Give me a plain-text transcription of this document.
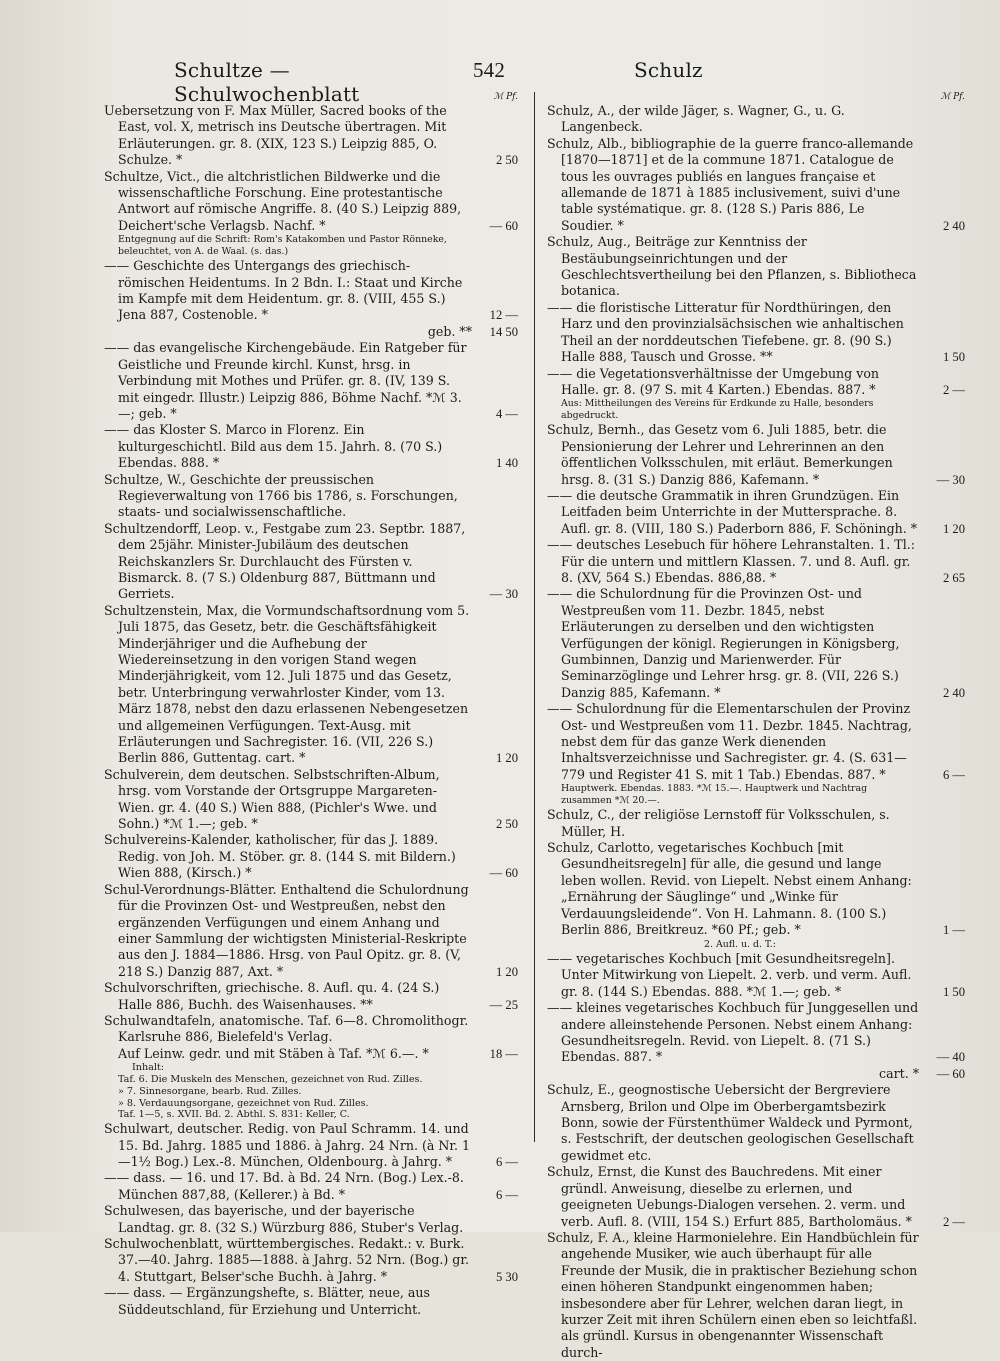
Schultze — Schulwochenblatt
542	Schulz
ℳ Pf.
Uebersetzung von F. Max Müller, Sacred books of the East, vol. X, metrisch ins Deutsche übertragen. Mit Erläuterungen. gr. 8. (XIX, 123 S.) Leipzig 885, O. Schulze. *	2 50
Schultze, Vict., die altchristlichen Bildwerke und die wissenschaftliche Forschung. Eine protestantische Antwort auf römische Angriffe. 8. (40 S.) Leipzig 889, Deichert'sche Verlagsb. Nachf. *	— 60
Entgegnung auf die Schrift: Rom's Katakomben und Pastor Rönneke, beleuchtet, von A. de Waal. (s. das.)
—— Geschichte des Untergangs des griechisch-römischen Heidentums. In 2 Bdn. I.: Staat und Kirche im Kampfe mit dem Heidentum. gr. 8. (VIII, 455 S.) Jena 887, Costenoble. *	12 —
geb. **	14 50
—— das evangelische Kirchengebäude. Ein Ratgeber für Geistliche und Freunde kirchl. Kunst, hrsg. in Verbindung mit Mothes und Prüfer. gr. 8. (IV, 139 S. mit eingedr. Illustr.) Leipzig 886, Böhme Nachf. *ℳ 3.—; geb. *	4 —
—— das Kloster S. Marco in Florenz. Ein kulturgeschichtl. Bild aus dem 15. Jahrh. 8. (70 S.) Ebendas. 888. *	1 40
Schultze, W., Geschichte der preussischen Regieverwaltung von 1766 bis 1786, s. Forschungen, staats- und socialwissenschaftliche.
Schultzendorff, Leop. v., Festgabe zum 23. Septbr. 1887, dem 25jähr. Minister-Jubiläum des deutschen Reichskanzlers Sr. Durchlaucht des Fürsten v. Bismarck. 8. (7 S.) Oldenburg 887, Büttmann und Gerriets.	— 30
Schultzenstein, Max, die Vormundschaftsordnung vom 5. Juli 1875, das Gesetz, betr. die Geschäftsfähigkeit Minderjähriger und die Aufhebung der Wiedereinsetzung in den vorigen Stand wegen Minderjährigkeit, vom 12. Juli 1875 und das Gesetz, betr. Unterbringung verwahrloster Kinder, vom 13. März 1878, nebst den dazu erlassenen Nebengesetzen und allgemeinen Verfügungen. Text-Ausg. mit Erläuterungen und Sachregister. 16. (VII, 226 S.) Berlin 886, Guttentag. cart. *	1 20
Schulverein, dem deutschen. Selbstschriften-Album, hrsg. vom Vorstande der Ortsgruppe Margareten-Wien. gr. 4. (40 S.) Wien 888, (Pichler's Wwe. und Sohn.) *ℳ 1.—; geb. *	2 50
Schulvereins-Kalender, katholischer, für das J. 1889. Redig. von Joh. M. Stöber. gr. 8. (144 S. mit Bildern.) Wien 888, (Kirsch.) *	— 60
Schul-Verordnungs-Blätter. Enthaltend die Schulordnung für die Provinzen Ost- und Westpreußen, nebst den ergänzenden Verfügungen und einem Anhang und einer Sammlung der wichtigsten Ministerial-Reskripte aus den J. 1884—1886. Hrsg. von Paul Opitz. gr. 8. (V, 218 S.) Danzig 887, Axt. *	1 20
Schulvorschriften, griechische. 8. Aufl. qu. 4. (24 S.) Halle 886, Buchh. des Waisenhauses. **	— 25
Schulwandtafeln, anatomische. Taf. 6—8. Chromolithogr. Karlsruhe 886, Bielefeld's Verlag.
Auf Leinw. gedr. und mit Stäben à Taf. *ℳ 6.—. *	18 —
Inhalt:
Taf. 6. Die Muskeln des Menschen, gezeichnet von Rud. Zilles.
» 7. Sinnesorgane, bearb. Rud. Zilles.
» 8. Verdauungsorgane, gezeichnet von Rud. Zilles.
Taf. 1—5, s. XVII. Bd. 2. Abthl. S. 831: Keller, C.
Schulwart, deutscher. Redig. von Paul Schramm. 14. und 15. Bd. Jahrg. 1885 und 1886. à Jahrg. 24 Nrn. (à Nr. 1—1½ Bog.) Lex.-8. München, Oldenbourg. à Jahrg. *	6 —
—— dass. — 16. und 17. Bd. à Bd. 24 Nrn. (Bog.) Lex.-8. München 887,88, (Kellerer.) à Bd. *	6 —
Schulwesen, das bayerische, und der bayerische Landtag. gr. 8. (32 S.) Würzburg 886, Stuber's Verlag.
Schulwochenblatt, württembergisches. Redakt.: v. Burk. 37.—40. Jahrg. 1885—1888. à Jahrg. 52 Nrn. (Bog.) gr. 4. Stuttgart, Belser'sche Buchh. à Jahrg. *	5 30
—— dass. — Ergänzungshefte, s. Blätter, neue, aus Süddeutschland, für Erziehung und Unterricht.
ℳ Pf.
Schulz, A., der wilde Jäger, s. Wagner, G., u. G. Langenbeck.
Schulz, Alb., bibliographie de la guerre franco-allemande [1870—1871] et de la commune 1871. Catalogue de tous les ouvrages publiés en langues française et allemande de 1871 à 1885 inclusivement, suivi d'une table systématique. gr. 8. (128 S.) Paris 886, Le Soudier. *	2 40
Schulz, Aug., Beiträge zur Kenntniss der Bestäubungseinrichtungen und der Geschlechtsvertheilung bei den Pflanzen, s. Bibliotheca botanica.
—— die floristische Litteratur für Nordthüringen, den Harz und den provinzialsächsischen wie anhaltischen Theil an der norddeutschen Tiefebene. gr. 8. (90 S.) Halle 888, Tausch und Grosse. **	1 50
—— die Vegetationsverhältnisse der Umgebung von Halle. gr. 8. (97 S. mit 4 Karten.) Ebendas. 887. *	2 —
Aus: Mittheilungen des Vereins für Erdkunde zu Halle, besonders abgedruckt.
Schulz, Bernh., das Gesetz vom 6. Juli 1885, betr. die Pensionierung der Lehrer und Lehrerinnen an den öffentlichen Volksschulen, mit erläut. Bemerkungen hrsg. 8. (31 S.) Danzig 886, Kafemann. *	— 30
—— die deutsche Grammatik in ihren Grundzügen. Ein Leitfaden beim Unterrichte in der Muttersprache. 8. Aufl. gr. 8. (VIII, 180 S.) Paderborn 886, F. Schöningh. *	1 20
—— deutsches Lesebuch für höhere Lehranstalten. 1. Tl.: Für die untern und mittlern Klassen. 7. und 8. Aufl. gr. 8. (XV, 564 S.) Ebendas. 886,88. *	2 65
—— die Schulordnung für die Provinzen Ost- und Westpreußen vom 11. Dezbr. 1845, nebst Erläuterungen zu derselben und den wichtigsten Verfügungen der königl. Regierungen in Königsberg, Gumbinnen, Danzig und Marienwerder. Für Seminarzöglinge und Lehrer hrsg. gr. 8. (VII, 226 S.) Danzig 885, Kafemann. *	2 40
—— Schulordnung für die Elementarschulen der Provinz Ost- und Westpreußen vom 11. Dezbr. 1845. Nachtrag, nebst dem für das ganze Werk dienenden Inhaltsverzeichnisse und Sachregister. gr. 4. (S. 631—779 und Register 41 S. mit 1 Tab.) Ebendas. 887. *	6 —
Hauptwerk. Ebendas. 1883. *ℳ 15.—. Hauptwerk und Nachtrag zusammen *ℳ 20.—.
Schulz, C., der religiöse Lernstoff für Volksschulen, s. Müller, H.
Schulz, Carlotto, vegetarisches Kochbuch [mit Gesundheitsregeln] für alle, die gesund und lange leben wollen. Revid. von Liepelt. Nebst einem Anhang: „Ernährung der Säuglinge“ und „Winke für Verdauungsleidende“. Von H. Lahmann. 8. (100 S.) Berlin 886, Breitkreuz. *60 Pf.; geb. *	1 —
2. Aufl. u. d. T.:
—— vegetarisches Kochbuch [mit Gesundheitsregeln]. Unter Mitwirkung von Liepelt. 2. verb. und verm. Aufl. gr. 8. (144 S.) Ebendas. 888. *ℳ 1.—; geb. *	1 50
—— kleines vegetarisches Kochbuch für Junggesellen und andere alleinstehende Personen. Nebst einem Anhang: Gesundheitsregeln. Revid. von Liepelt. 8. (71 S.) Ebendas. 887. *	— 40
cart. *	— 60
Schulz, E., geognostische Uebersicht der Bergreviere Arnsberg, Brilon und Olpe im Oberbergamtsbezirk Bonn, sowie der Fürstenthümer Waldeck und Pyrmont, s. Festschrift, der deutschen geologischen Gesellschaft gewidmet etc.
Schulz, Ernst, die Kunst des Bauchredens. Mit einer gründl. Anweisung, dieselbe zu erlernen, und geeigneten Uebungs-Dialogen versehen. 2. verm. und verb. Aufl. 8. (VIII, 154 S.) Erfurt 885, Bartholomäus. *	2 —
Schulz, F. A., kleine Harmonielehre. Ein Handbüchlein für angehende Musiker, wie auch überhaupt für alle Freunde der Musik, die in praktischer Beziehung schon einen höheren Standpunkt eingenommen haben; insbesondere aber für Lehrer, welchen daran liegt, in kurzer Zeit mit ihren Schülern einen eben so leichtfaßl. als gründl. Kursus in obengenannter Wissenschaft durch-
